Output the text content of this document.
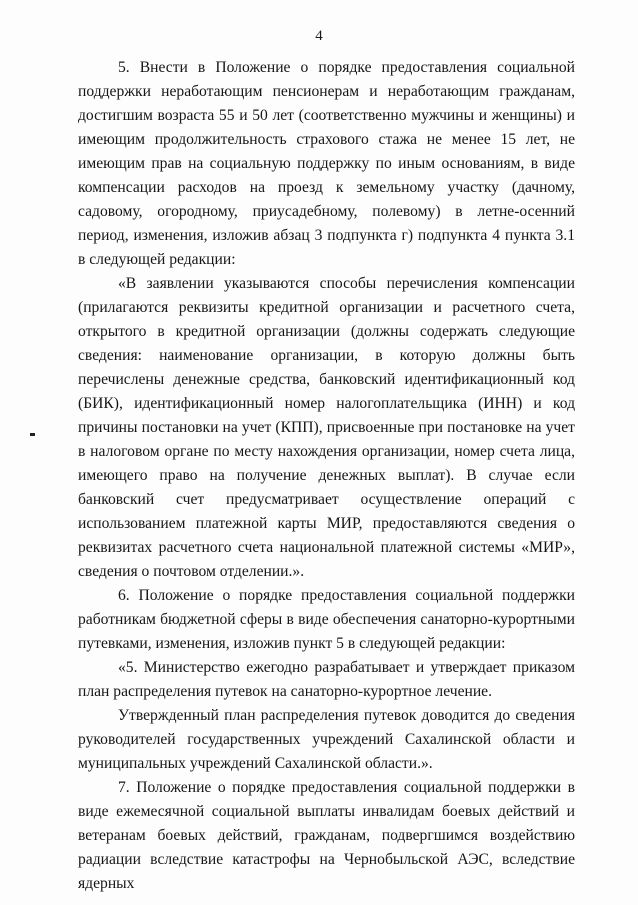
4

5. Внести в Положение о порядке предоставления социальной поддержки неработающим пенсионерам и неработающим гражданам, достигшим возраста 55 и 50 лет (соответственно мужчины и женщины) и имеющим продолжительность страхового стажа не менее 15 лет, не имеющим прав на социальную поддержку по иным основаниям, в виде компенсации расходов на проезд к земельному участку (дачному, садовому, огородному, приусадебному, полевому) в летне-осенний период, изменения, изложив абзац 3 подпункта г) подпункта 4 пункта 3.1 в следующей редакции:

«В заявлении указываются способы перечисления компенсации (прилагаются реквизиты кредитной организации и расчетного счета, открытого в кредитной организации (должны содержать следующие сведения: наименование организации, в которую должны быть перечислены денежные средства, банковский идентификационный код (БИК), идентификационный номер налогоплательщика (ИНН) и код причины постановки на учет (КПП), присвоенные при постановке на учет в налоговом органе по месту нахождения организации, номер счета лица, имеющего право на получение денежных выплат). В случае если банковский счет предусматривает осуществление операций с использованием платежной карты МИР, предоставляются сведения о реквизитах расчетного счета национальной платежной системы «МИР», сведения о почтовом отделении.».

6. Положение о порядке предоставления социальной поддержки работникам бюджетной сферы в виде обеспечения санаторно-курортными путевками, изменения, изложив пункт 5 в следующей редакции:

«5. Министерство ежегодно разрабатывает и утверждает приказом план распределения путевок на санаторно-курортное лечение.

Утвержденный план распределения путевок доводится до сведения руководителей государственных учреждений Сахалинской области и муниципальных учреждений Сахалинской области.».

7. Положение о порядке предоставления социальной поддержки в виде ежемесячной социальной выплаты инвалидам боевых действий и ветеранам боевых действий, гражданам, подвергшимся воздействию радиации вследствие катастрофы на Чернобыльской АЭС, вследствие ядерных
